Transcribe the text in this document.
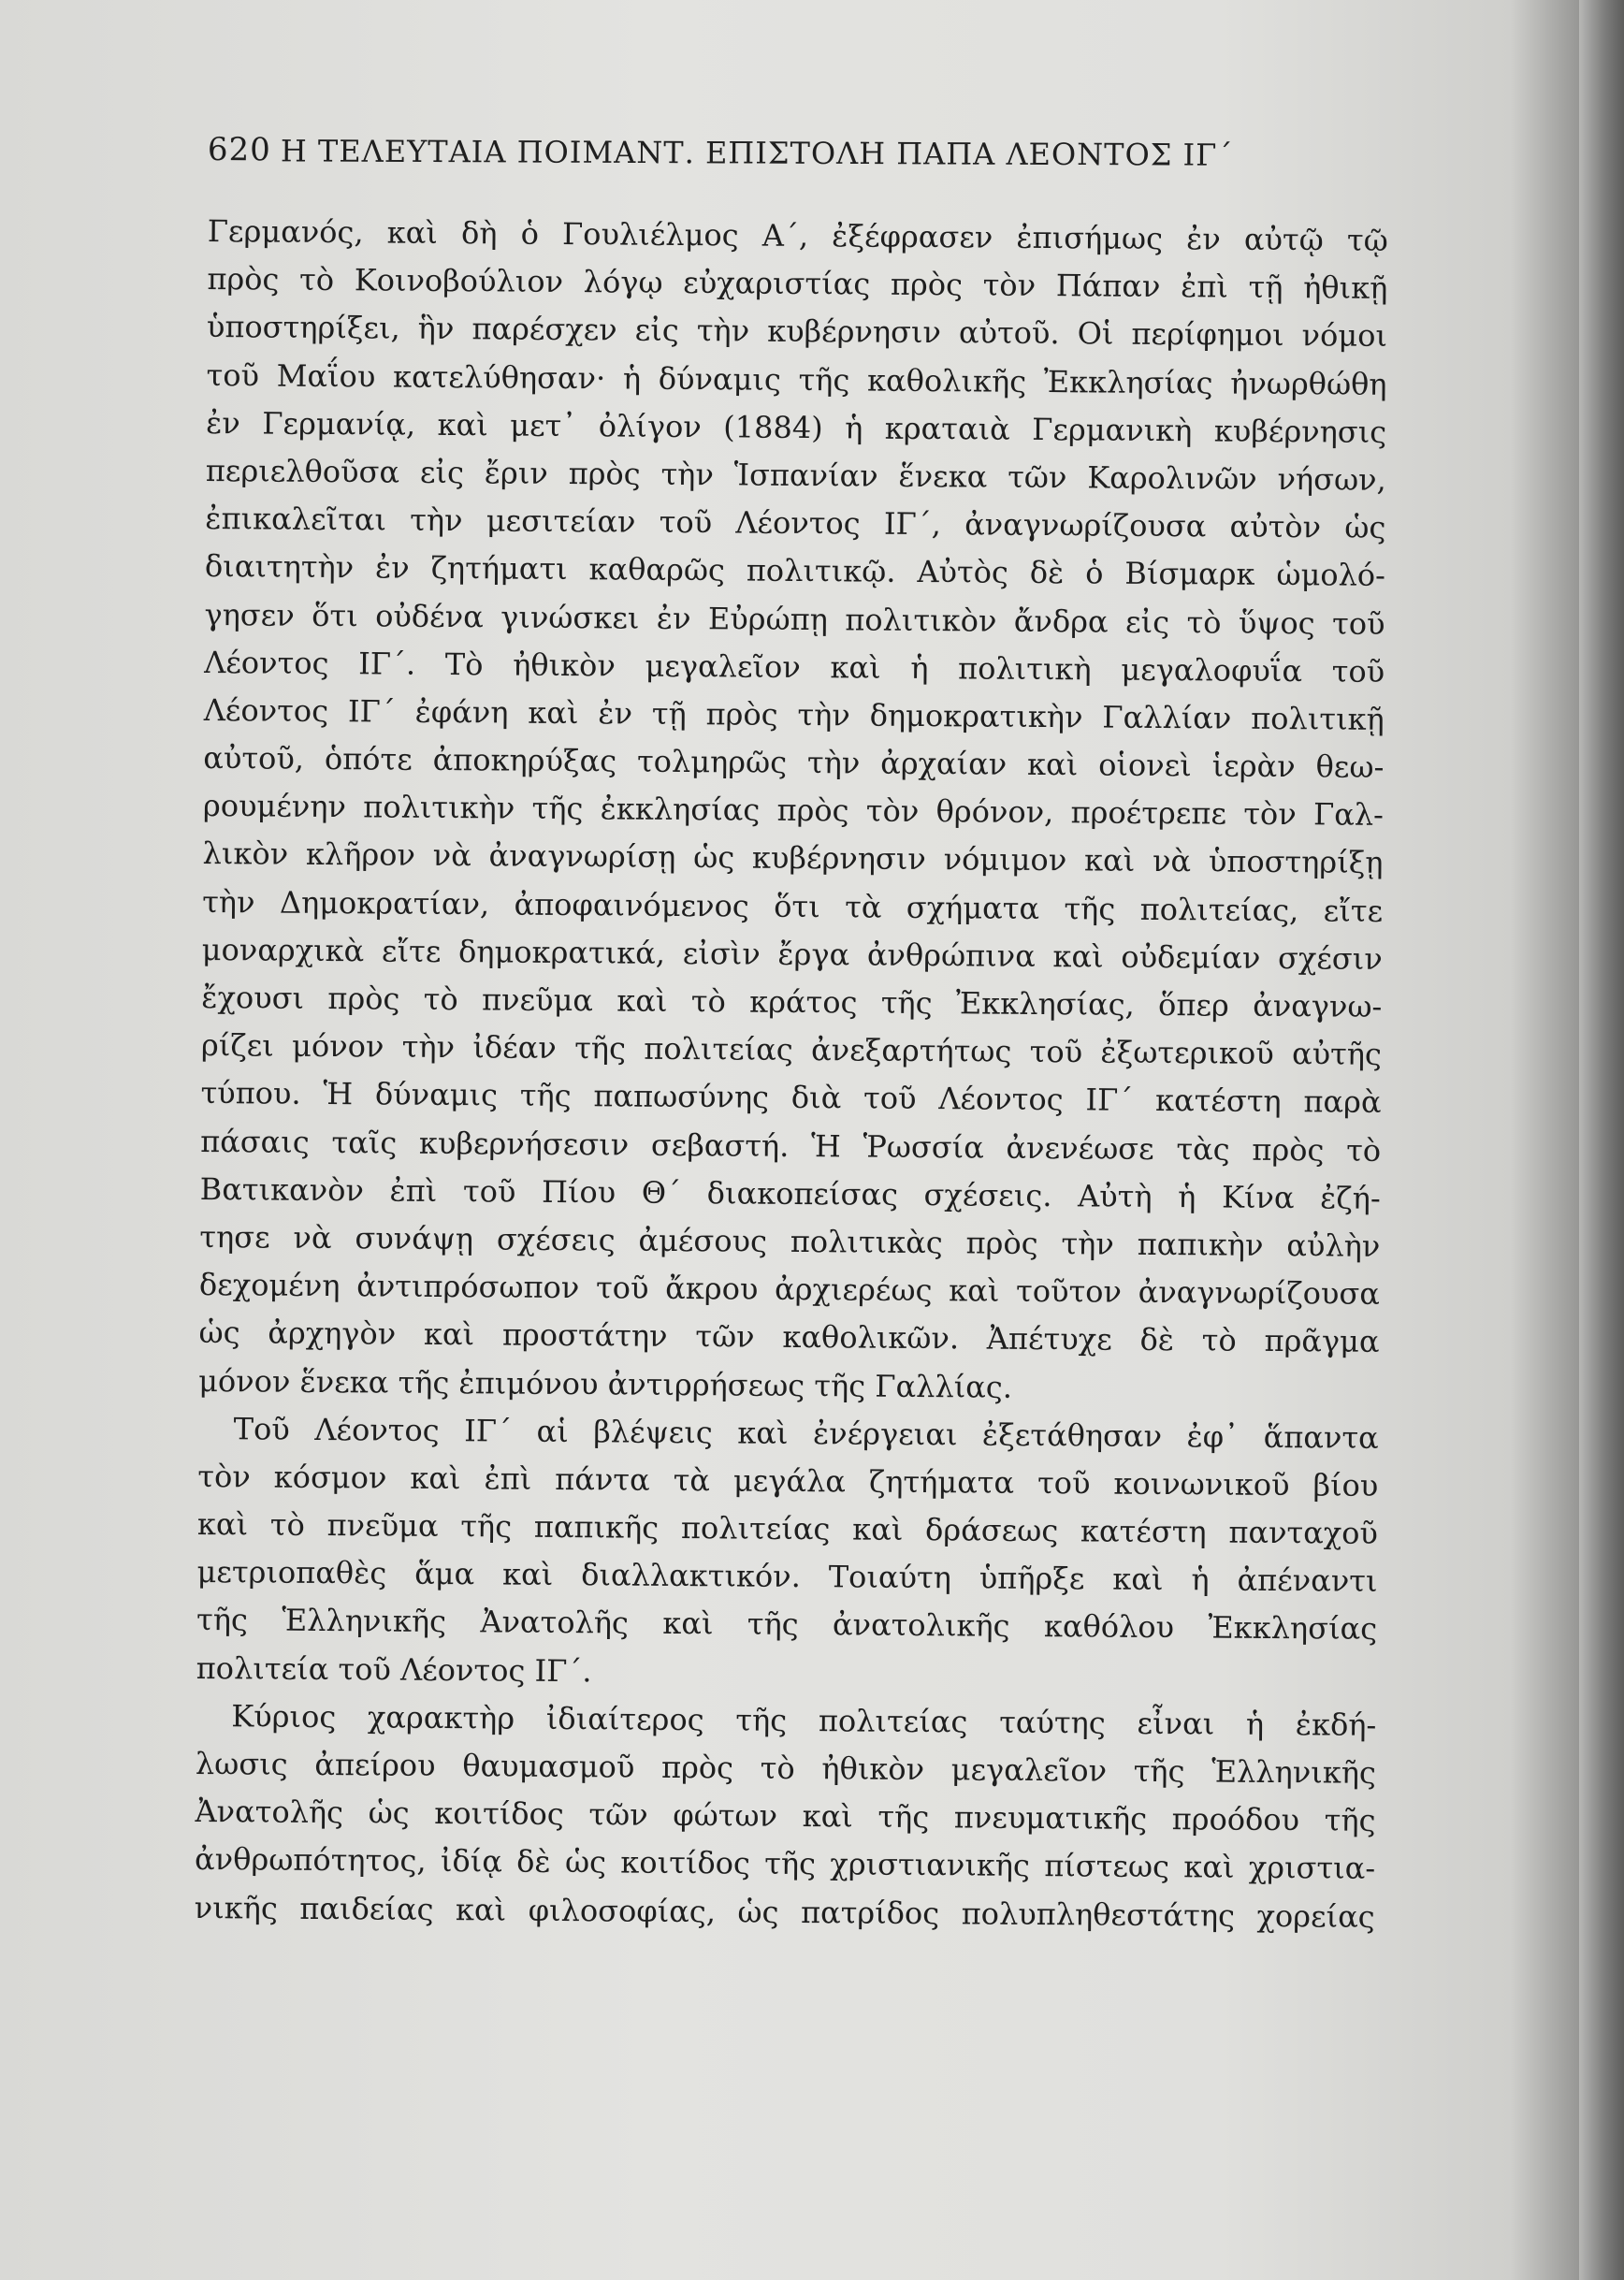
620 Η ΤΕΛΕΥΤΑΙΑ ΠΟΙΜΑΝΤ. ΕΠΙΣΤΟΛΗ ΠΑΠΑ ΛΕΟΝΤΟΣ ΙΓ΄
Γερμανός, καὶ δὴ ὁ Γουλιέλμος Α΄, ἐξέφρασεν ἐπισήμως ἐν αὐτῷ τῷ
πρὸς τὸ Κοινοβούλιον λόγῳ εὐχαριστίας πρὸς τὸν Πάπαν ἐπὶ τῇ ἠθικῇ
ὑποστηρίξει, ἣν παρέσχεν εἰς τὴν κυβέρνησιν αὐτοῦ. Οἱ περίφημοι νόμοι
τοῦ Μαΐου κατελύθησαν· ἡ δύναμις τῆς καθολικῆς Ἐκκλησίας ἠνωρθώθη
ἐν Γερμανίᾳ, καὶ μετ᾽ ὀλίγον (1884) ἡ κραταιὰ Γερμανικὴ κυβέρνησις
περιελθοῦσα εἰς ἔριν πρὸς τὴν Ἱσπανίαν ἕνεκα τῶν Καρολινῶν νήσων,
ἐπικαλεῖται τὴν μεσιτείαν τοῦ Λέοντος ΙΓ΄, ἀναγνωρίζουσα αὐτὸν ὡς
διαιτητὴν ἐν ζητήματι καθαρῶς πολιτικῷ. Αὐτὸς δὲ ὁ Βίσμαρκ ὡμολό-
γησεν ὅτι οὐδένα γινώσκει ἐν Εὐρώπῃ πολιτικὸν ἄνδρα εἰς τὸ ὕψος τοῦ
Λέοντος ΙΓ΄. Τὸ ἠθικὸν μεγαλεῖον καὶ ἡ πολιτικὴ μεγαλοφυΐα τοῦ
Λέοντος ΙΓ΄ ἐφάνη καὶ ἐν τῇ πρὸς τὴν δημοκρατικὴν Γαλλίαν πολιτικῇ
αὐτοῦ, ὁπότε ἀποκηρύξας τολμηρῶς τὴν ἀρχαίαν καὶ οἱονεὶ ἱερὰν θεω-
ρουμένην πολιτικὴν τῆς ἐκκλησίας πρὸς τὸν θρόνον, προέτρεπε τὸν Γαλ-
λικὸν κλῆρον νὰ ἀναγνωρίσῃ ὡς κυβέρνησιν νόμιμον καὶ νὰ ὑποστηρίξῃ
τὴν Δημοκρατίαν, ἀποφαινόμενος ὅτι τὰ σχήματα τῆς πολιτείας, εἴτε
μοναρχικὰ εἴτε δημοκρατικά, εἰσὶν ἔργα ἀνθρώπινα καὶ οὐδεμίαν σχέσιν
ἔχουσι πρὸς τὸ πνεῦμα καὶ τὸ κράτος τῆς Ἐκκλησίας, ὅπερ ἀναγνω-
ρίζει μόνον τὴν ἰδέαν τῆς πολιτείας ἀνεξαρτήτως τοῦ ἐξωτερικοῦ αὐτῆς
τύπου. Ἡ δύναμις τῆς παπωσύνης διὰ τοῦ Λέοντος ΙΓ΄ κατέστη παρὰ
πάσαις ταῖς κυβερνήσεσιν σεβαστή. Ἡ Ῥωσσία ἀνενέωσε τὰς πρὸς τὸ
Βατικανὸν ἐπὶ τοῦ Πίου Θ΄ διακοπείσας σχέσεις. Αὐτὴ ἡ Κίνα ἐζή-
τησε νὰ συνάψῃ σχέσεις ἀμέσους πολιτικὰς πρὸς τὴν παπικὴν αὐλὴν
δεχομένη ἀντιπρόσωπον τοῦ ἄκρου ἀρχιερέως καὶ τοῦτον ἀναγνωρίζουσα
ὡς ἀρχηγὸν καὶ προστάτην τῶν καθολικῶν. Ἀπέτυχε δὲ τὸ πρᾶγμα
μόνον ἕνεκα τῆς ἐπιμόνου ἀντιρρήσεως τῆς Γαλλίας.
Τοῦ Λέοντος ΙΓ΄ αἱ βλέψεις καὶ ἐνέργειαι ἐξετάθησαν ἐφ᾽ ἅπαντα
τὸν κόσμον καὶ ἐπὶ πάντα τὰ μεγάλα ζητήματα τοῦ κοινωνικοῦ βίου
καὶ τὸ πνεῦμα τῆς παπικῆς πολιτείας καὶ δράσεως κατέστη πανταχοῦ
μετριοπαθὲς ἅμα καὶ διαλλακτικόν. Τοιαύτη ὑπῆρξε καὶ ἡ ἀπέναντι
τῆς Ἑλληνικῆς Ἀνατολῆς καὶ τῆς ἀνατολικῆς καθόλου Ἐκκλησίας
πολιτεία τοῦ Λέοντος ΙΓ΄.
Κύριος χαρακτὴρ ἰδιαίτερος τῆς πολιτείας ταύτης εἶναι ἡ ἐκδή-
λωσις ἀπείρου θαυμασμοῦ πρὸς τὸ ἠθικὸν μεγαλεῖον τῆς Ἑλληνικῆς
Ἀνατολῆς ὡς κοιτίδος τῶν φώτων καὶ τῆς πνευματικῆς προόδου τῆς
ἀνθρωπότητος, ἰδίᾳ δὲ ὡς κοιτίδος τῆς χριστιανικῆς πίστεως καὶ χριστια-
νικῆς παιδείας καὶ φιλοσοφίας, ὡς πατρίδος πολυπληθεστάτης χορείας
